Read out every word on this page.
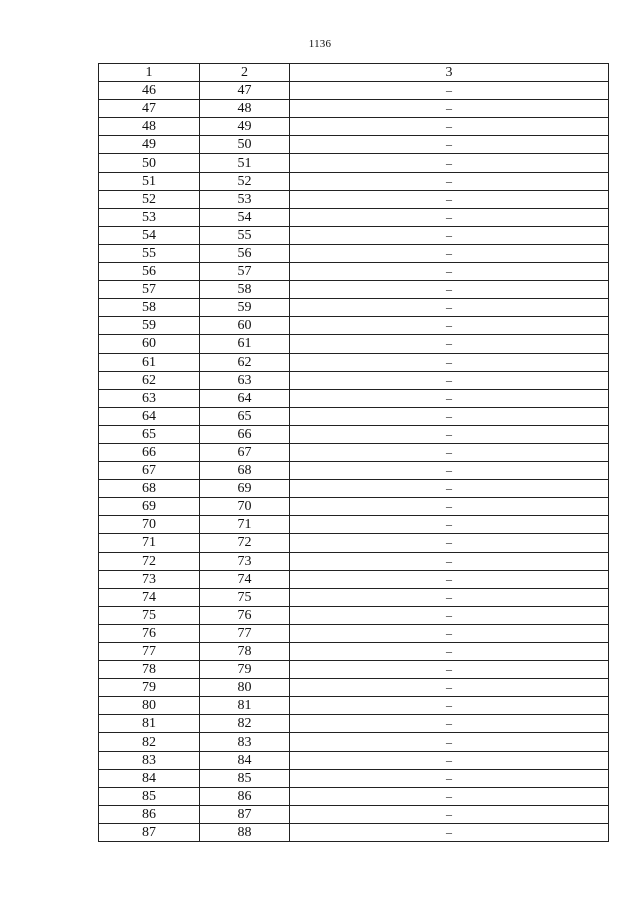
1136
1	2	3
46	47	–
47	48	–
48	49	–
49	50	–
50	51	–
51	52	–
52	53	–
53	54	–
54	55	–
55	56	–
56	57	–
57	58	–
58	59	–
59	60	–
60	61	–
61	62	–
62	63	–
63	64	–
64	65	–
65	66	–
66	67	–
67	68	–
68	69	–
69	70	–
70	71	–
71	72	–
72	73	–
73	74	–
74	75	–
75	76	–
76	77	–
77	78	–
78	79	–
79	80	–
80	81	–
81	82	–
82	83	–
83	84	–
84	85	–
85	86	–
86	87	–
87	88	–
